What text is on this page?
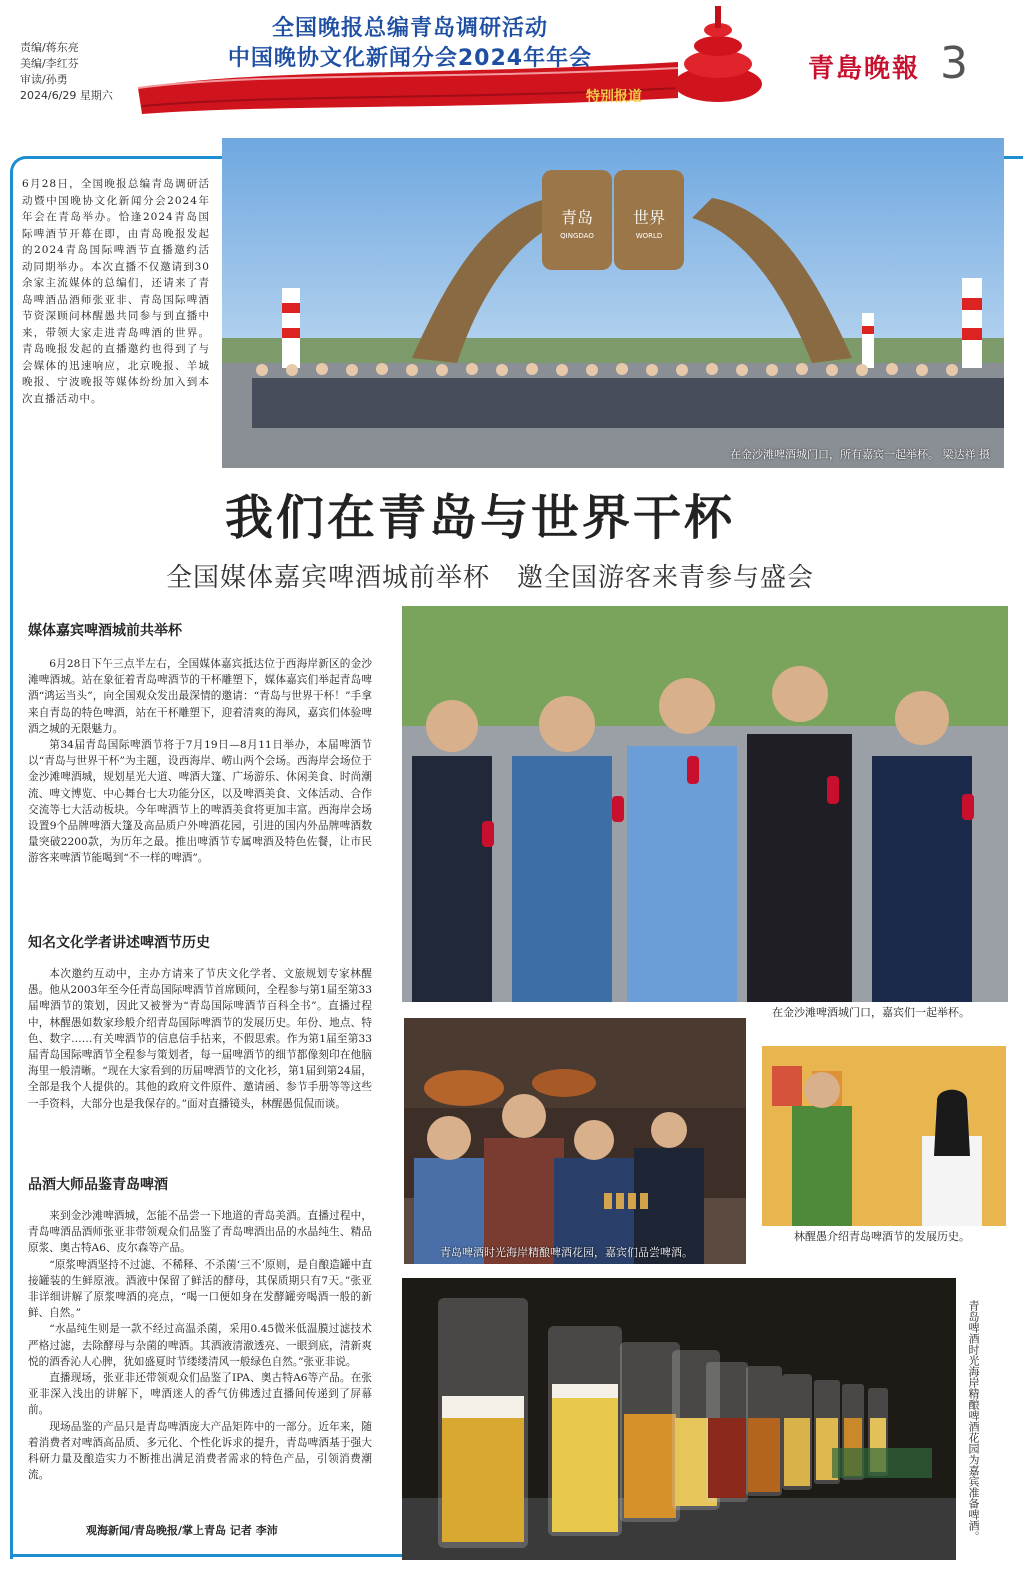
责编/蒋东亮
美编/李红芬
审读/孙勇
2024/6/29 星期六
全国晚报总编青岛调研活动
中国晚协文化新闻分会2024年年会
特别报道
青島晚報 3
6月28日，全国晚报总编青岛调研活动暨中国晚协文化新闻分会2024年年会在青岛举办。恰逢2024青岛国际啤酒节开幕在即，由青岛晚报发起的2024青岛国际啤酒节直播邀约活动同期举办。本次直播不仅邀请到30余家主流媒体的总编们，还请来了青岛啤酒品酒师张亚非、青岛国际啤酒节资深顾问林醒愚共同参与到直播中来，带领大家走进青岛啤酒的世界。青岛晚报发起的直播邀约也得到了与会媒体的迅速响应，北京晚报、羊城晚报、宁波晚报等媒体纷纷加入到本次直播活动中。
青岛 世界
QINGDAO	WORLD
在金沙滩啤酒城门口，所有嘉宾一起举杯。 梁达祥 摄
我们在青岛与世界干杯
全国媒体嘉宾啤酒城前举杯　邀全国游客来青参与盛会
媒体嘉宾啤酒城前共举杯

6月28日下午三点半左右，全国媒体嘉宾抵达位于西海岸新区的金沙滩啤酒城。站在象征着青岛啤酒节的干杯雕塑下，媒体嘉宾们举起青岛啤酒“鸿运当头”，向全国观众发出最深情的邀请：“青岛与世界干杯！”手拿来自青岛的特色啤酒，站在干杯雕塑下，迎着清爽的海风，嘉宾们体验啤酒之城的无限魅力。

第34届青岛国际啤酒节将于7月19日—8月11日举办，本届啤酒节以“青岛与世界干杯”为主题，设西海岸、崂山两个会场。西海岸会场位于金沙滩啤酒城，规划星光大道、啤酒大篷、广场游乐、休闲美食、时尚潮流、啤文博览、中心舞台七大功能分区，以及啤酒美食、文体活动、合作交流等七大活动板块。今年啤酒节上的啤酒美食将更加丰富。西海岸会场设置9个品牌啤酒大篷及高品质户外啤酒花园，引进的国内外品牌啤酒数量突破2200款，为历年之最。推出啤酒节专属啤酒及特色佐餐，让市民游客来啤酒节能喝到“不一样的啤酒”。

知名文化学者讲述啤酒节历史

本次邀约互动中，主办方请来了节庆文化学者、文旅规划专家林醒愚。他从2003年至今任青岛国际啤酒节首席顾问，全程参与第1届至第33届啤酒节的策划，因此又被誉为“青岛国际啤酒节百科全书”。直播过程中，林醒愚如数家珍般介绍青岛国际啤酒节的发展历史。年份、地点、特色、数字……有关啤酒节的信息信手拈来，不假思索。作为第1届至第33届青岛国际啤酒节全程参与策划者，每一届啤酒节的细节都像刻印在他脑海里一般清晰。“现在大家看到的历届啤酒节的文化衫，第1届到第24届，全部是我个人提供的。其他的政府文件原件、邀请函、参节手册等等这些一手资料，大部分也是我保存的。”面对直播镜头，林醒愚侃侃而谈。

品酒大师品鉴青岛啤酒

来到金沙滩啤酒城，怎能不品尝一下地道的青岛美酒。直播过程中，青岛啤酒品酒师张亚非带领观众们品鉴了青岛啤酒出品的水晶纯生、精品原浆、奥古特A6、皮尔森等产品。

“原浆啤酒坚持不过滤、不稀释、不杀菌‘三不’原则，是自酿造罐中直接罐装的生鲜原液。酒液中保留了鲜活的酵母，其保质期只有7天。”张亚非详细讲解了原浆啤酒的亮点，“喝一口便如身在发酵罐旁喝酒一般的新鲜、自然。”

“水晶纯生则是一款不经过高温杀菌，采用0.45微米低温膜过滤技术严格过滤，去除酵母与杂菌的啤酒。其酒液清澈透亮、一眼到底，清新爽悦的酒香沁人心脾，犹如盛夏时节缕缕清风一般绿色自然。”张亚非说。

直播现场，张亚非还带领观众们品鉴了IPA、奥古特A6等产品。在张亚非深入浅出的讲解下，啤酒迷人的香气仿佛透过直播间传递到了屏幕前。

现场品鉴的产品只是青岛啤酒庞大产品矩阵中的一部分。近年来，随着消费者对啤酒高品质、多元化、个性化诉求的提升，青岛啤酒基于强大科研力量及酿造实力不断推出满足消费者需求的特色产品，引领消费潮流。

观海新闻/青岛晚报/掌上青岛 记者 李沛
在金沙滩啤酒城门口，嘉宾们一起举杯。
青岛啤酒时光海岸精酿啤酒花园，嘉宾们品尝啤酒。
林醒愚介绍青岛啤酒节的发展历史。
青岛啤酒时光海岸精酿啤酒花园为嘉宾准备啤酒。
